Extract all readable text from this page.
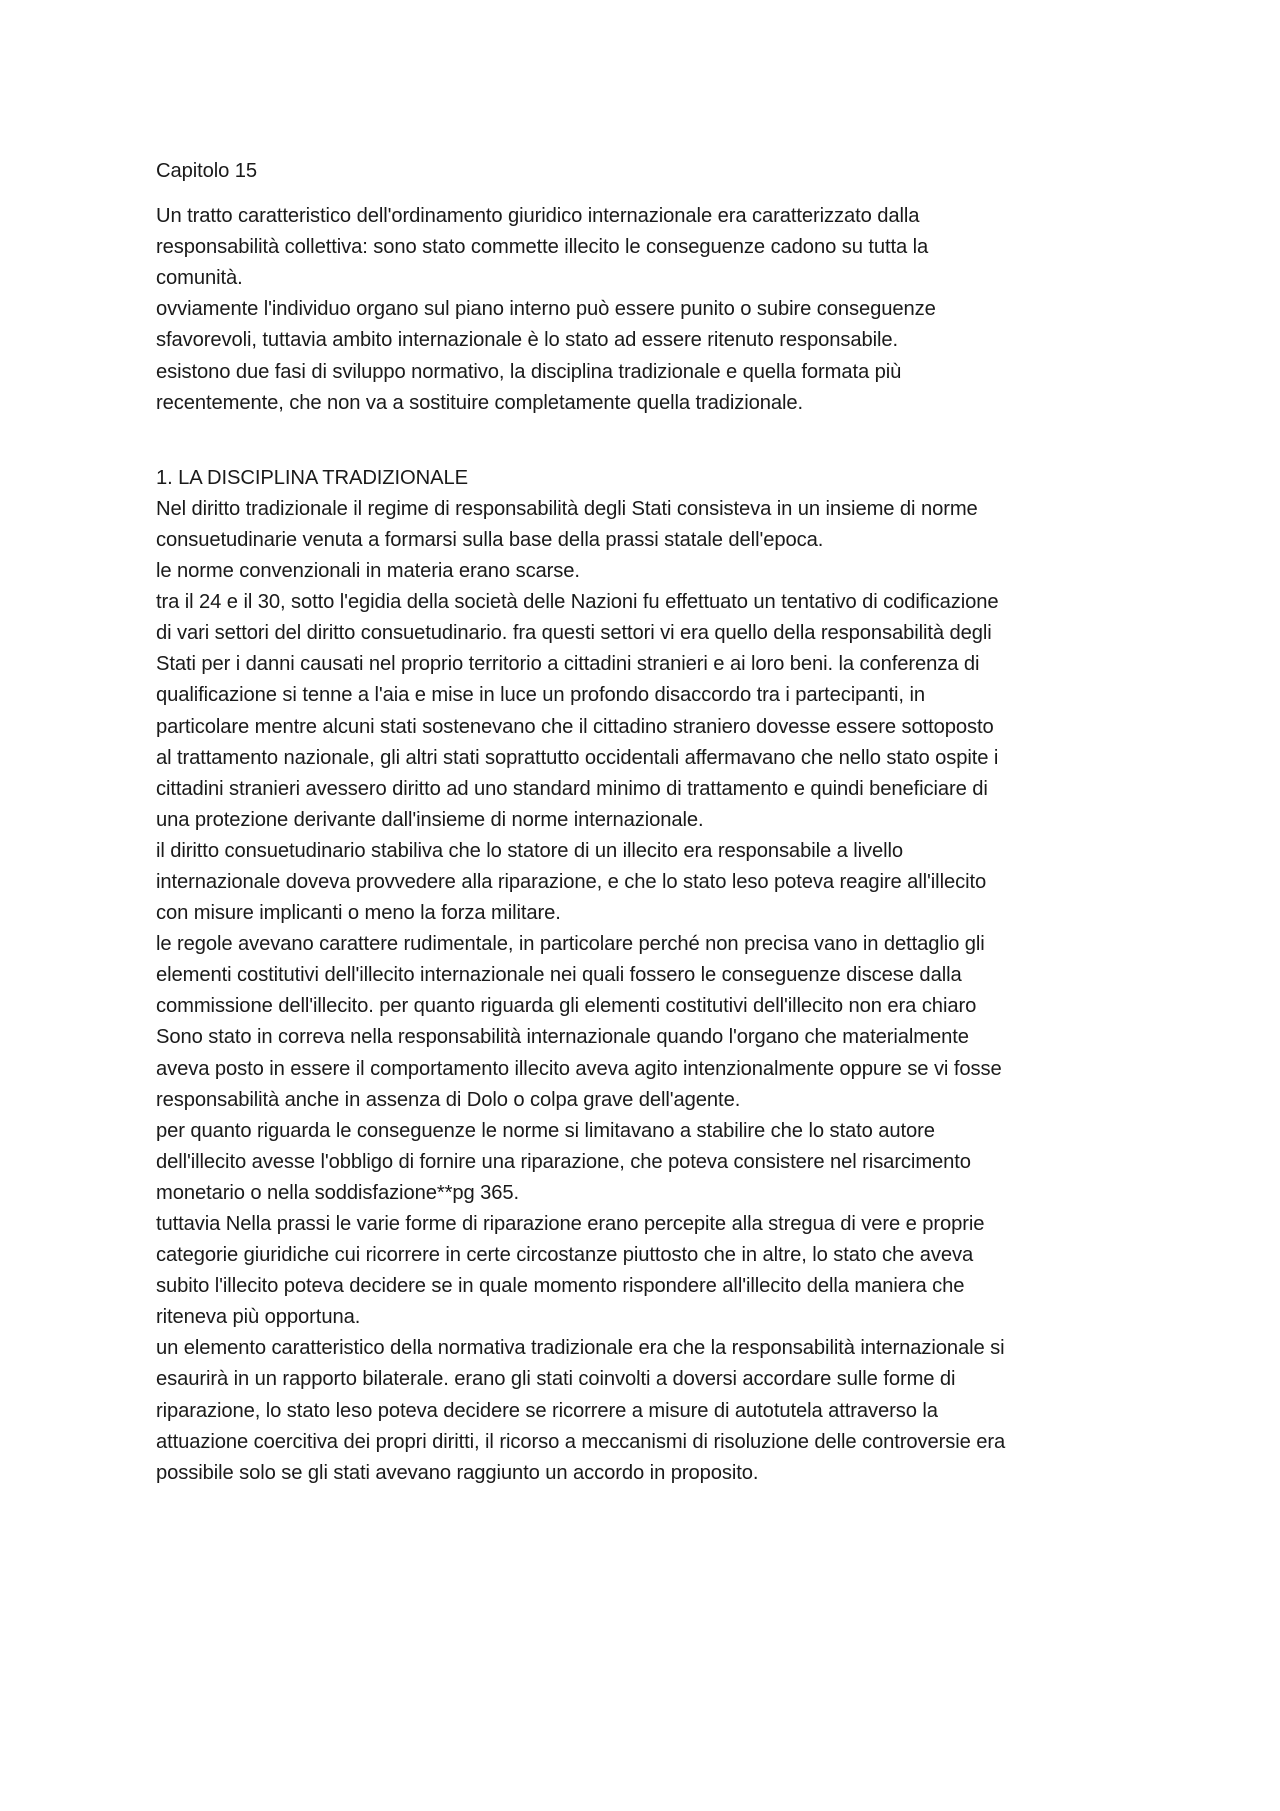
Capitolo 15
Un tratto caratteristico dell'ordinamento giuridico internazionale era caratterizzato dalla
responsabilità collettiva: sono stato commette illecito le conseguenze cadono su tutta la
comunità.
ovviamente l'individuo organo sul piano interno può essere punito o subire conseguenze
sfavorevoli, tuttavia ambito internazionale è lo stato ad essere ritenuto responsabile.
esistono due fasi di sviluppo normativo, la disciplina tradizionale e quella formata più
recentemente, che non va a sostituire completamente quella tradizionale.
1. LA DISCIPLINA TRADIZIONALE
Nel diritto tradizionale il regime di responsabilità degli Stati consisteva in un insieme di norme
consuetudinarie venuta a formarsi sulla base della prassi statale dell'epoca.
le norme convenzionali in materia erano scarse.
tra il 24 e il 30, sotto l'egidia della società delle Nazioni fu effettuato un tentativo di codificazione
di vari settori del diritto consuetudinario. fra questi settori vi era quello della responsabilità degli
Stati per i danni causati nel proprio territorio a cittadini stranieri e ai loro beni. la conferenza di
qualificazione si tenne a l'aia e mise in luce un profondo disaccordo tra i partecipanti, in
particolare mentre alcuni stati sostenevano che il cittadino straniero dovesse essere sottoposto
al trattamento nazionale, gli altri stati soprattutto occidentali affermavano che nello stato ospite i
cittadini stranieri avessero diritto ad uno standard minimo di trattamento e quindi beneficiare di
una protezione derivante dall'insieme di norme internazionale.
il diritto consuetudinario stabiliva che lo statore di un illecito era responsabile a livello
internazionale doveva provvedere alla riparazione, e che lo stato leso poteva reagire all'illecito
con misure implicanti o meno la forza militare.
le regole avevano carattere rudimentale, in particolare perché non precisa vano in dettaglio gli
elementi costitutivi dell'illecito internazionale nei quali fossero le conseguenze discese dalla
commissione dell'illecito. per quanto riguarda gli elementi costitutivi dell'illecito non era chiaro
Sono stato in correva nella responsabilità internazionale quando l'organo che materialmente
aveva posto in essere il comportamento illecito aveva agito intenzionalmente oppure se vi fosse
responsabilità anche in assenza di Dolo o colpa grave dell'agente.
per quanto riguarda le conseguenze le norme si limitavano a stabilire che lo stato autore
dell'illecito avesse l'obbligo di fornire una riparazione, che poteva consistere nel risarcimento
monetario o nella soddisfazione**pg 365.
tuttavia Nella prassi le varie forme di riparazione erano percepite alla stregua di vere e proprie
categorie giuridiche cui ricorrere in certe circostanze piuttosto che in altre, lo stato che aveva
subito l'illecito poteva decidere se in quale momento rispondere all'illecito della maniera che
riteneva più opportuna.
un elemento caratteristico della normativa tradizionale era che la responsabilità internazionale si
esaurirà in un rapporto bilaterale. erano gli stati coinvolti a doversi accordare sulle forme di
riparazione, lo stato leso poteva decidere se ricorrere a misure di autotutela attraverso la
attuazione coercitiva dei propri diritti, il ricorso a meccanismi di risoluzione delle controversie era
possibile solo se gli stati avevano raggiunto un accordo in proposito.
